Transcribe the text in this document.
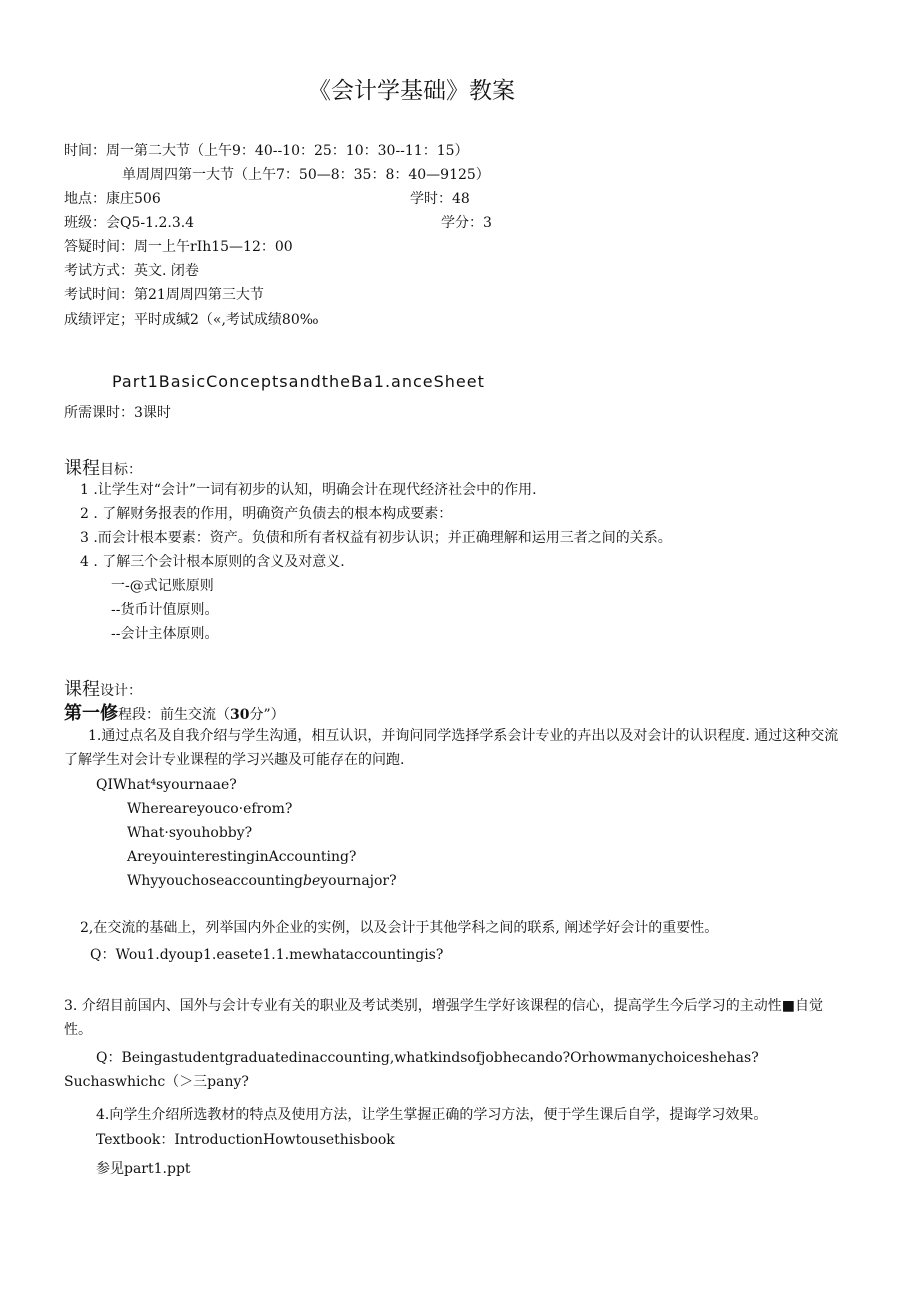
《会计学基础》教案
时间：周一第二大节（上午9：40--10：25：10：30--11：15）
单周周四第一大节（上午7：50—8：35：8：40—9125）
地点：康庄506	学时：48
班级：会Q5-1.2.3.4	学分：3
答疑时间：周一上午rIh15—12：00
考试方式：英文. 闭卷
考试时间：第21周周四第三大节
成绩评定；平时成缄2（«,考试成绩80‰
Part1BasicConceptsandtheBa1.anceSheet
所需课时：3课时
课程目标：
1 .让学生对“会计”一词有初步的认知，明确会计在现代经济社会中的作用.
2 . 了解财务报表的作用，明确资产负债去的根本构成要素：
3 .而会计根本要素：资产。负债和所有者权益有初步认识；并正确理解和运用三者之间的关系。
4 . 了解三个会计根本原则的含义及对意义.
一-@式记账原则
--货币计值原则。
--会计主体原则。
课程设计：
第一修程段：前生交流（30分”）
1.通过点名及自我介绍与学生沟通，相互认识，并询问同学选择学系会计专业的卉出以及对会计的认识程度. 通过这种交流了解学生对会计专业课程的学习兴趣及可能存在的问跑.
QIWhat⁴syournaae?
Whereareyouco·efrom?
What·syouhobby?
AreyouinterestinginAccounting?
Whyyouchoseaccountingbeyournajor?
2,在交流的基础上，列举国内外企业的实例，以及会计于其他学科之间的联系, 阐述学好会计的重要性。
Q：Wou1.dyoup1.easete1.1.mewhataccountingis?
3. 介绍目前国内、国外与会计专业有关的职业及考试类别，增强学生学好该课程的信心，提高学生今后学习的主动性■自觉性。
Q：Beingastudentgraduatedinaccounting,whatkindsofjobhecando?Orhowmanychoiceshehas?Suchaswhichc（＞三pany?
4.向学生介绍所选教材的特点及使用方法，让学生掌握正确的学习方法，便于学生课后自学，提诲学习效果。
Textbook：IntroductionHowtousethisbook
参见part1.ppt
